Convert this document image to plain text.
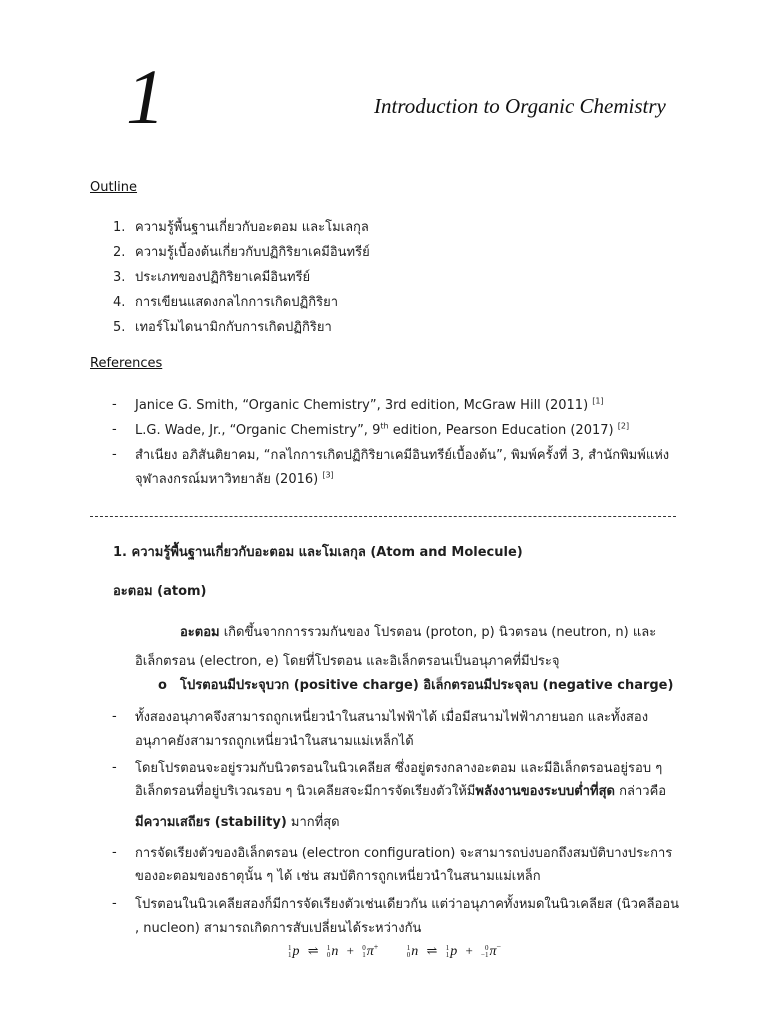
1	Introduction to Organic Chemistry
Outline
1. ความรู้พื้นฐานเกี่ยวกับอะตอม และโมเลกุล
2. ความรู้เบื้องต้นเกี่ยวกับปฏิกิริยาเคมีอินทรีย์
3. ประเภทของปฏิกิริยาเคมีอินทรีย์
4. การเขียนแสดงกลไกการเกิดปฏิกิริยา
5. เทอร์โมไดนามิกกับการเกิดปฏิกิริยา
References
- Janice G. Smith, “Organic Chemistry”, 3rd edition, McGraw Hill (2011) [1]
- L.G. Wade, Jr., “Organic Chemistry”, 9th edition, Pearson Education (2017) [2]
- สำเนียง อภิสันติยาคม, “กลไกการเกิดปฏิกิริยาเคมีอินทรีย์เบื้องต้น”, พิมพ์ครั้งที่ 3, สำนักพิมพ์แห่ง
จุฬาลงกรณ์มหาวิทยาลัย (2016) [3]
1. ความรู้พื้นฐานเกี่ยวกับอะตอม และโมเลกุล (Atom and Molecule)
อะตอม (atom)
อะตอม เกิดขึ้นจากการรวมกันของ โปรตอน (proton, p) นิวตรอน (neutron, n) และ
อิเล็กตรอน (electron, e) โดยที่โปรตอน และอิเล็กตรอนเป็นอนุภาคที่มีประจุ
o โปรตอนมีประจุบวก (positive charge) อิเล็กตรอนมีประจุลบ (negative charge)
- ทั้งสองอนุภาคจึงสามารถถูกเหนี่ยวนำในสนามไฟฟ้าได้ เมื่อมีสนามไฟฟ้าภายนอก และทั้งสอง
อนุภาคยังสามารถถูกเหนี่ยวนำในสนามแม่เหล็กได้
- โดยโปรตอนจะอยู่รวมกับนิวตรอนในนิวเคลียส ซึ่งอยู่ตรงกลางอะตอม และมีอิเล็กตรอนอยู่รอบ ๆ
อิเล็กตรอนที่อยู่บริเวณรอบ ๆ นิวเคลียสจะมีการจัดเรียงตัวให้มีพลังงานของระบบต่ำที่สุด กล่าวคือ
มีความเสถียร (stability) มากที่สุด
- การจัดเรียงตัวของอิเล็กตรอน (electron configuration) จะสามารถบ่งบอกถึงสมบัติบางประการ
ของอะตอมของธาตุนั้น ๆ ได้ เช่น สมบัติการถูกเหนี่ยวนำในสนามแม่เหล็ก
- โปรตอนในนิวเคลียสองก็มีการจัดเรียงตัวเช่นเดียวกัน แต่ว่าอนุภาคทั้งหมดในนิวเคลียส (นิวคลีออน
, nucleon) สามารถเกิดการสับเปลี่ยนได้ระหว่างกัน
1
1p ⇌ 1
0n + 0
1π+	1
0n ⇌ 1
1p + 0
−1π−
